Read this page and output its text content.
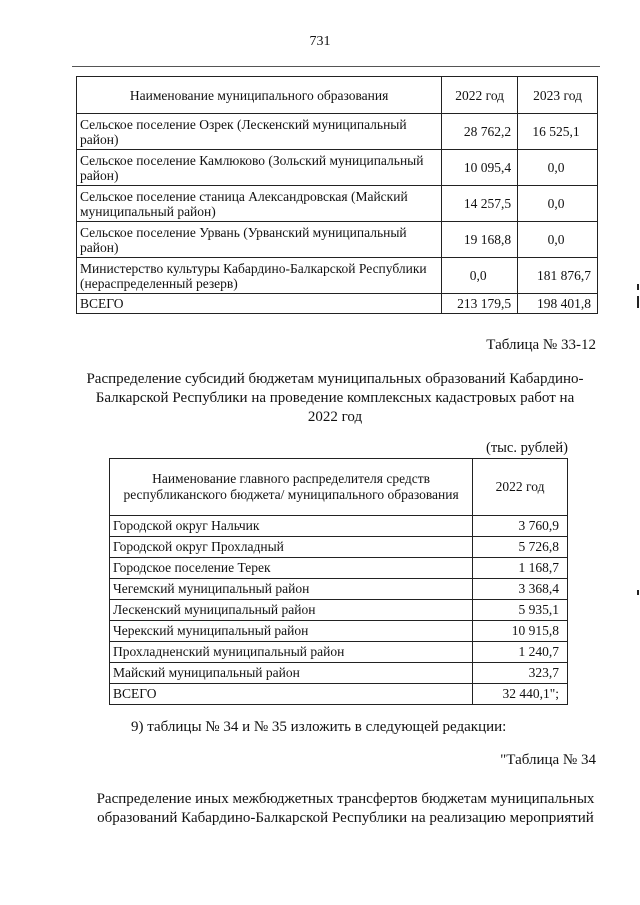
731
Наименование муниципального образования	2022 год	2023 год
Сельское поселение Озрек (Лескенский муниципальный район)	28 762,2	16 525,1
Сельское поселение Камлюково (Зольский муниципальный район)	10 095,4	0,0
Сельское поселение станица Александровская (Майский муниципальный район)	14 257,5	0,0
Сельское поселение Урвань (Урванский муниципальный район)	19 168,8	0,0
Министерство культуры Кабардино-Балкарской Республики (нераспределенный резерв)	0,0	181 876,7
ВСЕГО	213 179,5	198 401,8
Таблица № 33-12
Распределение субсидий бюджетам муниципальных образований Кабардино-Балкарской Республики на проведение комплексных кадастровых работ на 2022 год
(тыс. рублей)
Наименование главного распределителя средств республиканского бюджета/ муниципального образования	2022 год
Городской округ Нальчик	3 760,9
Городской округ Прохладный	5 726,8
Городское поселение Терек	1 168,7
Чегемский муниципальный район	3 368,4
Лескенский муниципальный район	5 935,1
Черекский муниципальный район	10 915,8
Прохладненский муниципальный район	1 240,7
Майский муниципальный район	323,7
ВСЕГО	32 440,1";
9) таблицы № 34 и № 35 изложить в следующей редакции:
"Таблица № 34
Распределение иных межбюджетных трансфертов бюджетам муниципальных образований Кабардино-Балкарской Республики на реализацию мероприятий
